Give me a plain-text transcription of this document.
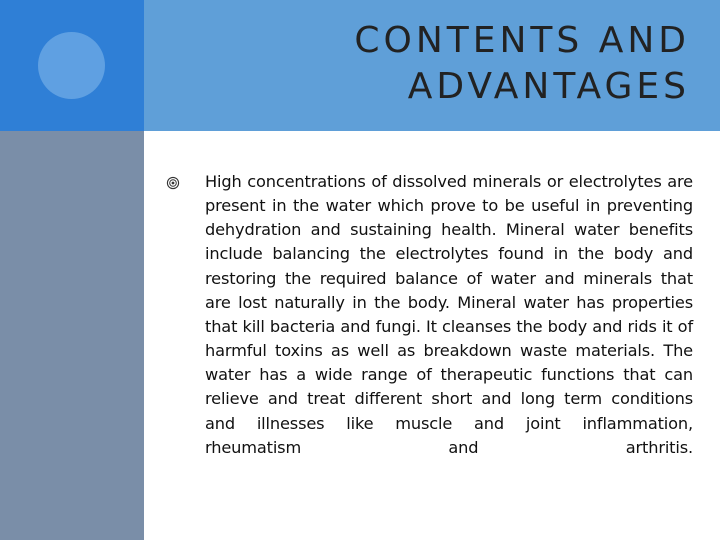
CONTENTS AND
ADVANTAGES

High concentrations of dissolved minerals or electrolytes are present in the water which prove to be useful in preventing dehydration and sustaining health. Mineral water benefits include balancing the electrolytes found in the body and restoring the required balance of water and minerals that are lost naturally in the body. Mineral water has properties that kill bacteria and fungi. It cleanses the body and rids it of harmful toxins as well as breakdown waste materials. The water has a wide range of therapeutic functions that can relieve and treat different short and long term conditions and illnesses like muscle and joint inflammation, rheumatism and arthritis.
